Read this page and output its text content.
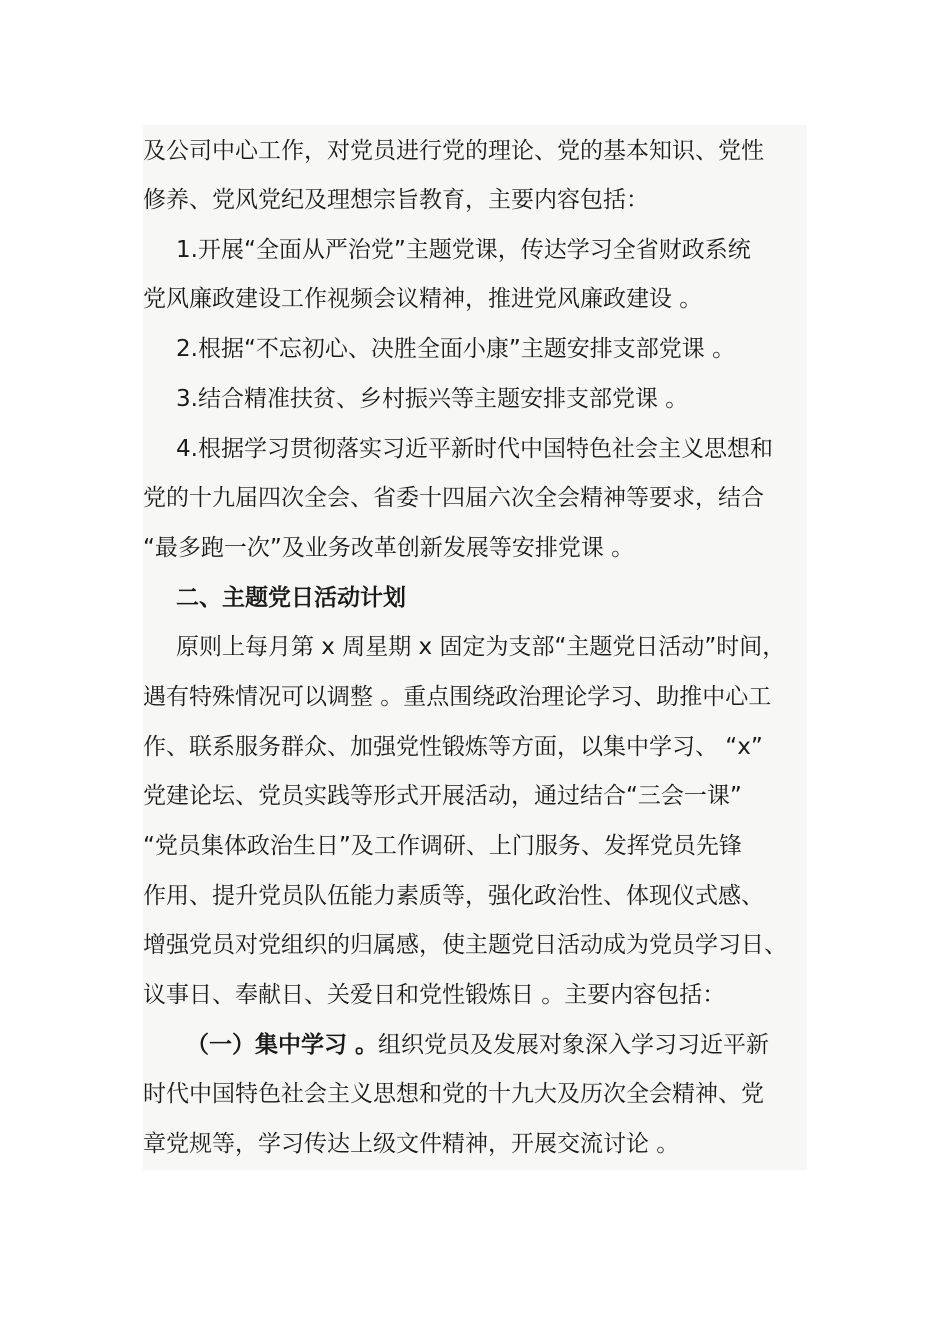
及公司中心工作，对党员进行党的理论、党的基本知识、党性
修养、党风党纪及理想宗旨教育，主要内容包括：
1.开展“全面从严治党”主题党课，传达学习全省财政系统
党风廉政建设工作视频会议精神，推进党风廉政建设 。
2.根据“不忘初心、决胜全面小康”主题安排支部党课 。
3.结合精准扶贫、乡村振兴等主题安排支部党课 。
4.根据学习贯彻落实习近平新时代中国特色社会主义思想和
党的十九届四次全会、省委十四届六次全会精神等要求，结合
“最多跑一次”及业务改革创新发展等安排党课 。
二、主题党日活动计划
原则上每月第 x 周星期 x 固定为支部“主题党日活动”时间，
遇有特殊情况可以调整 。重点围绕政治理论学习、助推中心工
作、联系服务群众、加强党性锻炼等方面，以集中学习、 “x”
党建论坛、党员实践等形式开展活动，通过结合“三会一课”
“党员集体政治生日”及工作调研、上门服务、发挥党员先锋
作用、提升党员队伍能力素质等，强化政治性、体现仪式感、
增强党员对党组织的归属感，使主题党日活动成为党员学习日、
议事日、奉献日、关爱日和党性锻炼日 。主要内容包括：
（一）集中学习 。组织党员及发展对象深入学习习近平新
时代中国特色社会主义思想和党的十九大及历次全会精神、党
章党规等，学习传达上级文件精神，开展交流讨论 。
